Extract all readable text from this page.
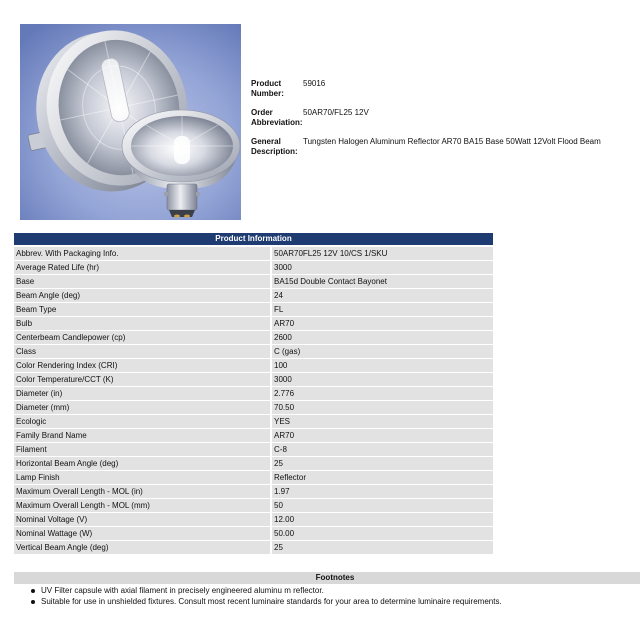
Product Number:
59016
Order Abbreviation:
50AR70/FL25 12V
General Description:
Tungsten Halogen Aluminum Reflector AR70 BA15 Base 50Watt 12Volt Flood Beam
Product Information
Abbrev. With Packaging Info.	50AR70FL25 12V 10/CS 1/SKU
Average Rated Life (hr)	3000
Base	BA15d Double Contact Bayonet
Beam Angle (deg)	24
Beam Type	FL
Bulb	AR70
Centerbeam Candlepower (cp)	2600
Class	C (gas)
Color Rendering Index (CRI)	100
Color Temperature/CCT (K)	3000
Diameter (in)	2.776
Diameter (mm)	70.50
Ecologic	YES
Family Brand Name	AR70
Filament	C-8
Horizontal Beam Angle (deg)	25
Lamp Finish	Reflector
Maximum Overall Length - MOL (in)	1.97
Maximum Overall Length - MOL (mm)	50
Nominal Voltage (V)	12.00
Nominal Wattage (W)	50.00
Vertical Beam Angle (deg)	25
Footnotes
UV Filter capsule with axial filament in precisely engineered aluminu m reflector.
Suitable for use in unshielded fixtures. Consult most recent luminaire standards for your area to determine luminaire requirements.
